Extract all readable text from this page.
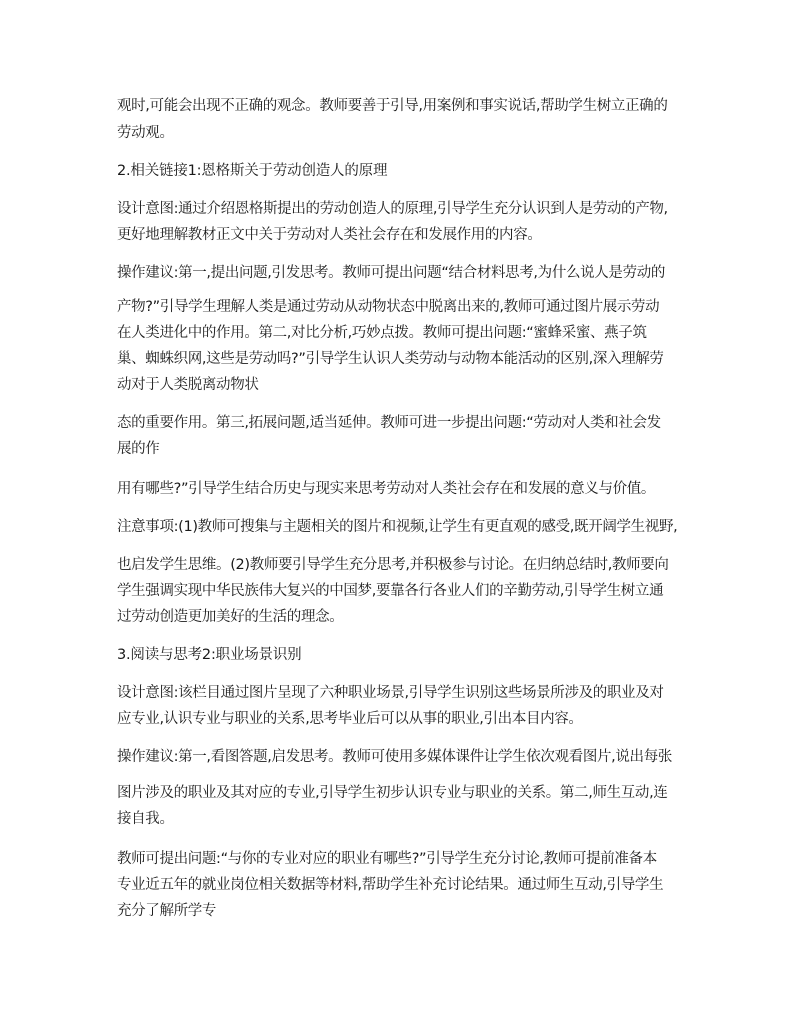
观时,可能会出现不正确的观念。教师要善于引导,用案例和事实说话,帮助学生树立正确的

劳动观。

2.相关链接1:恩格斯关于劳动创造人的原理

设计意图:通过介绍恩格斯提出的劳动创造人的原理,引导学生充分认识到人是劳动的产物,

更好地理解教材正文中关于劳动对人类社会存在和发展作用的内容。

操作建议:第一,提出问题,引发思考。教师可提出问题“结合材料思考,为什么说人是劳动的

产物?”引导学生理解人类是通过劳动从动物状态中脱离出来的,教师可通过图片展示劳动

在人类进化中的作用。第二,对比分析,巧妙点拨。教师可提出问题:“蜜蜂采蜜、燕子筑

巢、蜘蛛织网,这些是劳动吗?”引导学生认识人类劳动与动物本能活动的区别,深入理解劳

动对于人类脱离动物状

态的重要作用。第三,拓展问题,适当延伸。教师可进一步提出问题:“劳动对人类和社会发

展的作

用有哪些?”引导学生结合历史与现实来思考劳动对人类社会存在和发展的意义与价值。

注意事项:(1)教师可搜集与主题相关的图片和视频,让学生有更直观的感受,既开阔学生视野,

也启发学生思维。(2)教师要引导学生充分思考,并积极参与讨论。在归纳总结时,教师要向

学生强调实现中华民族伟大复兴的中国梦,要靠各行各业人们的辛勤劳动,引导学生树立通

过劳动创造更加美好的生活的理念。

3.阅读与思考2:职业场景识别

设计意图:该栏目通过图片呈现了六种职业场景,引导学生识别这些场景所涉及的职业及对

应专业,认识专业与职业的关系,思考毕业后可以从事的职业,引出本目内容。

操作建议:第一,看图答题,启发思考。教师可使用多媒体课件让学生依次观看图片,说出每张

图片涉及的职业及其对应的专业,引导学生初步认识专业与职业的关系。第二,师生互动,连

接自我。

教师可提出问题:“与你的专业对应的职业有哪些?”引导学生充分讨论,教师可提前准备本

专业近五年的就业岗位相关数据等材料,帮助学生补充讨论结果。通过师生互动,引导学生

充分了解所学专
